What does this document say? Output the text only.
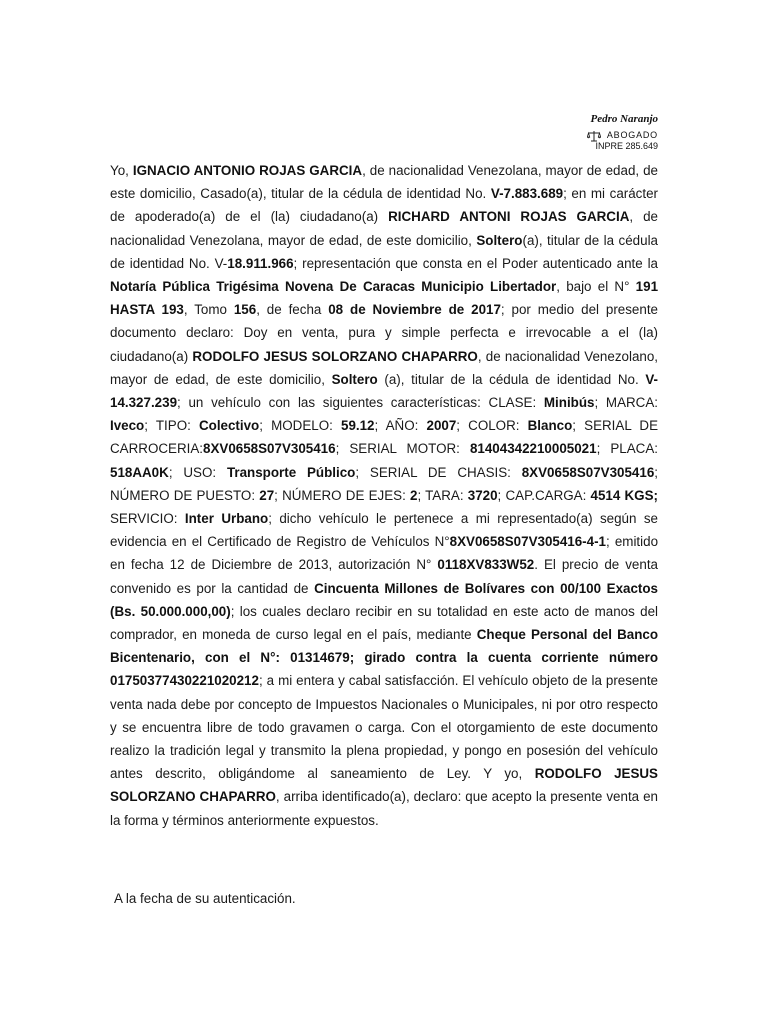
Pedro Naranjo
ABOGADO
INPRE 285.649

Yo, IGNACIO ANTONIO ROJAS GARCIA, de nacionalidad Venezolana, mayor de edad, de este domicilio, Casado(a), titular de la cédula de identidad No. V-7.883.689; en mi carácter de apoderado(a) de el (la) ciudadano(a) RICHARD ANTONI ROJAS GARCIA, de nacionalidad Venezolana, mayor de edad, de este domicilio, Soltero(a), titular de la cédula de identidad No. V-18.911.966; representación que consta en el Poder autenticado ante la Notaría Pública Trigésima Novena De Caracas Municipio Libertador, bajo el N° 191 HASTA 193, Tomo 156, de fecha 08 de Noviembre de 2017; por medio del presente documento declaro: Doy en venta, pura y simple perfecta e irrevocable a el (la) ciudadano(a) RODOLFO JESUS SOLORZANO CHAPARRO, de nacionalidad Venezolano, mayor de edad, de este domicilio, Soltero (a), titular de la cédula de identidad No. V-14.327.239; un vehículo con las siguientes características: CLASE: Minibús; MARCA: Iveco; TIPO: Colectivo; MODELO: 59.12; AÑO: 2007; COLOR: Blanco; SERIAL DE CARROCERIA:8XV0658S07V305416; SERIAL MOTOR: 81404342210005021; PLACA: 518AA0K; USO: Transporte Público; SERIAL DE CHASIS: 8XV0658S07V305416; NÚMERO DE PUESTO: 27; NÚMERO DE EJES: 2; TARA: 3720; CAP.CARGA: 4514 KGS; SERVICIO: Inter Urbano; dicho vehículo le pertenece a mi representado(a) según se evidencia en el Certificado de Registro de Vehículos N°8XV0658S07V305416-4-1; emitido en fecha 12 de Diciembre de 2013, autorización N° 0118XV833W52. El precio de venta convenido es por la cantidad de Cincuenta Millones de Bolívares con 00/100 Exactos (Bs. 50.000.000,00); los cuales declaro recibir en su totalidad en este acto de manos del comprador, en moneda de curso legal en el país, mediante Cheque Personal del Banco Bicentenario, con el N°: 01314679; girado contra la cuenta corriente número 01750377430221020212; a mi entera y cabal satisfacción. El vehículo objeto de la presente venta nada debe por concepto de Impuestos Nacionales o Municipales, ni por otro respecto y se encuentra libre de todo gravamen o carga. Con el otorgamiento de este documento realizo la tradición legal y transmito la plena propiedad, y pongo en posesión del vehículo antes descrito, obligándome al saneamiento de Ley. Y yo, RODOLFO JESUS SOLORZANO CHAPARRO, arriba identificado(a), declaro: que acepto la presente venta en la forma y términos anteriormente expuestos.

A la fecha de su autenticación.
